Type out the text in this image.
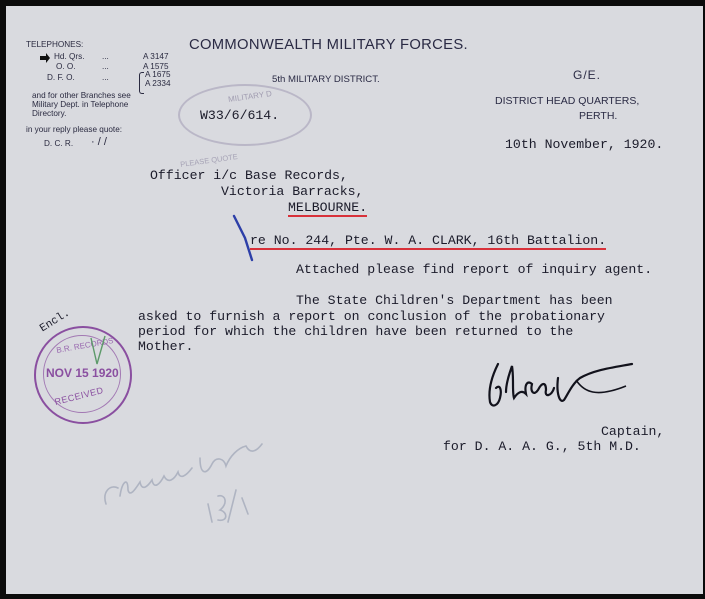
TELEPHONES:
Hd. Qrs. ...	A 3147
O. O.	...	A 1575
D. F. O.	...	A 1675
A 2334
and for other Branches see
Military Dept. in Telephone
Directory.
in your reply please quote:
D. C. R. · / /
COMMONWEALTH MILITARY FORCES.
5th MILITARY DISTRICT.	G/E.
DISTRICT HEAD QUARTERS,
PERTH.
MILITARY D
PLEASE QUOTE
W33/6/614.
10th November, 1920.
Officer i/c Base Records,
Victoria Barracks,
MELBOURNE.
re No. 244, Pte. W. A. CLARK, 16th Battalion.
Attached please find report of inquiry agent.
The State Children's Department has been
asked to furnish a report on conclusion of the probationary
period for which the children have been returned to the
Mother.
Encl.
B.R. RECORDS
NOV 15 1920
RECEIVED
Captain,
for D. A. A. G., 5th M.D.
